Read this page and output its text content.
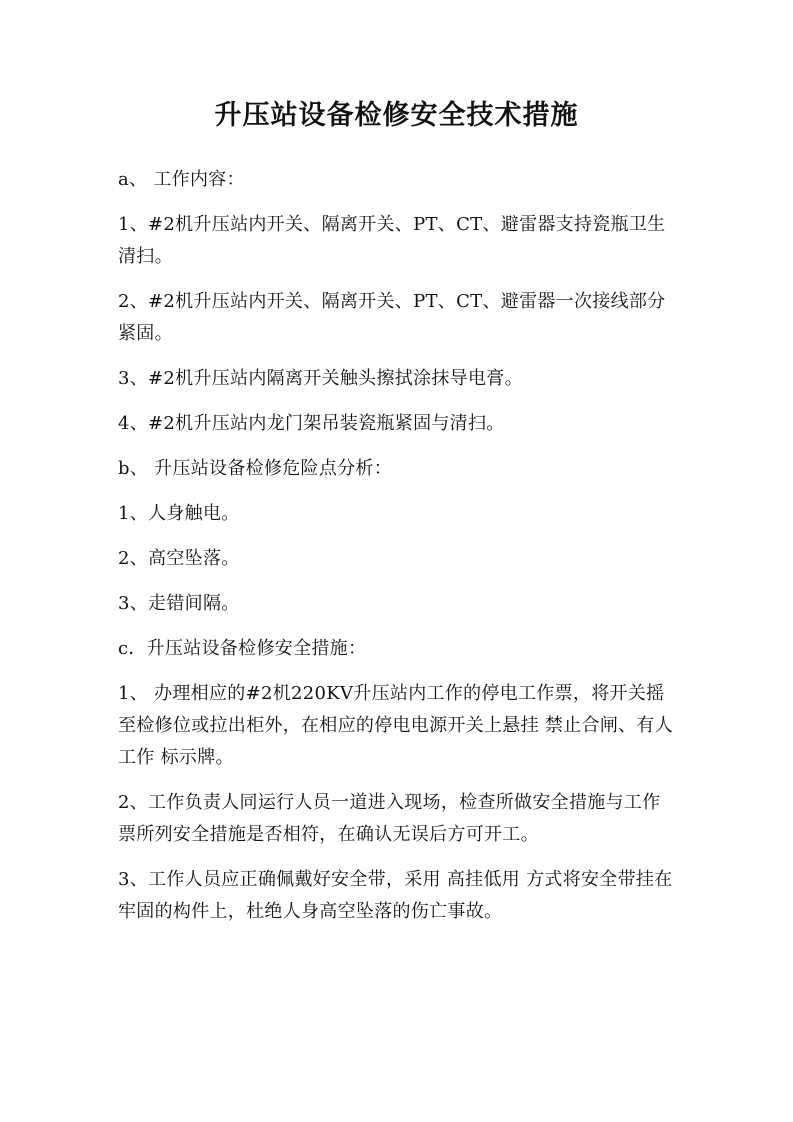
升压站设备检修安全技术措施

a、 工作内容：

1、#2机升压站内开关、隔离开关、PT、CT、避雷器支持瓷瓶卫生清扫。

2、#2机升压站内开关、隔离开关、PT、CT、避雷器一次接线部分紧固。

3、#2机升压站内隔离开关触头擦拭涂抹导电膏。

4、#2机升压站内龙门架吊装瓷瓶紧固与清扫。

b、 升压站设备检修危险点分析：

1、人身触电。

2、高空坠落。

3、走错间隔。

c．升压站设备检修安全措施：

1、 办理相应的#2机220KV升压站内工作的停电工作票，将开关摇至检修位或拉出柜外，在相应的停电电源开关上悬挂 禁止合闸、有人工作 标示牌。

2、工作负责人同运行人员一道进入现场，检查所做安全措施与工作票所列安全措施是否相符，在确认无误后方可开工。

3、工作人员应正确佩戴好安全带，采用 高挂低用 方式将安全带挂在牢固的构件上，杜绝人身高空坠落的伤亡事故。
